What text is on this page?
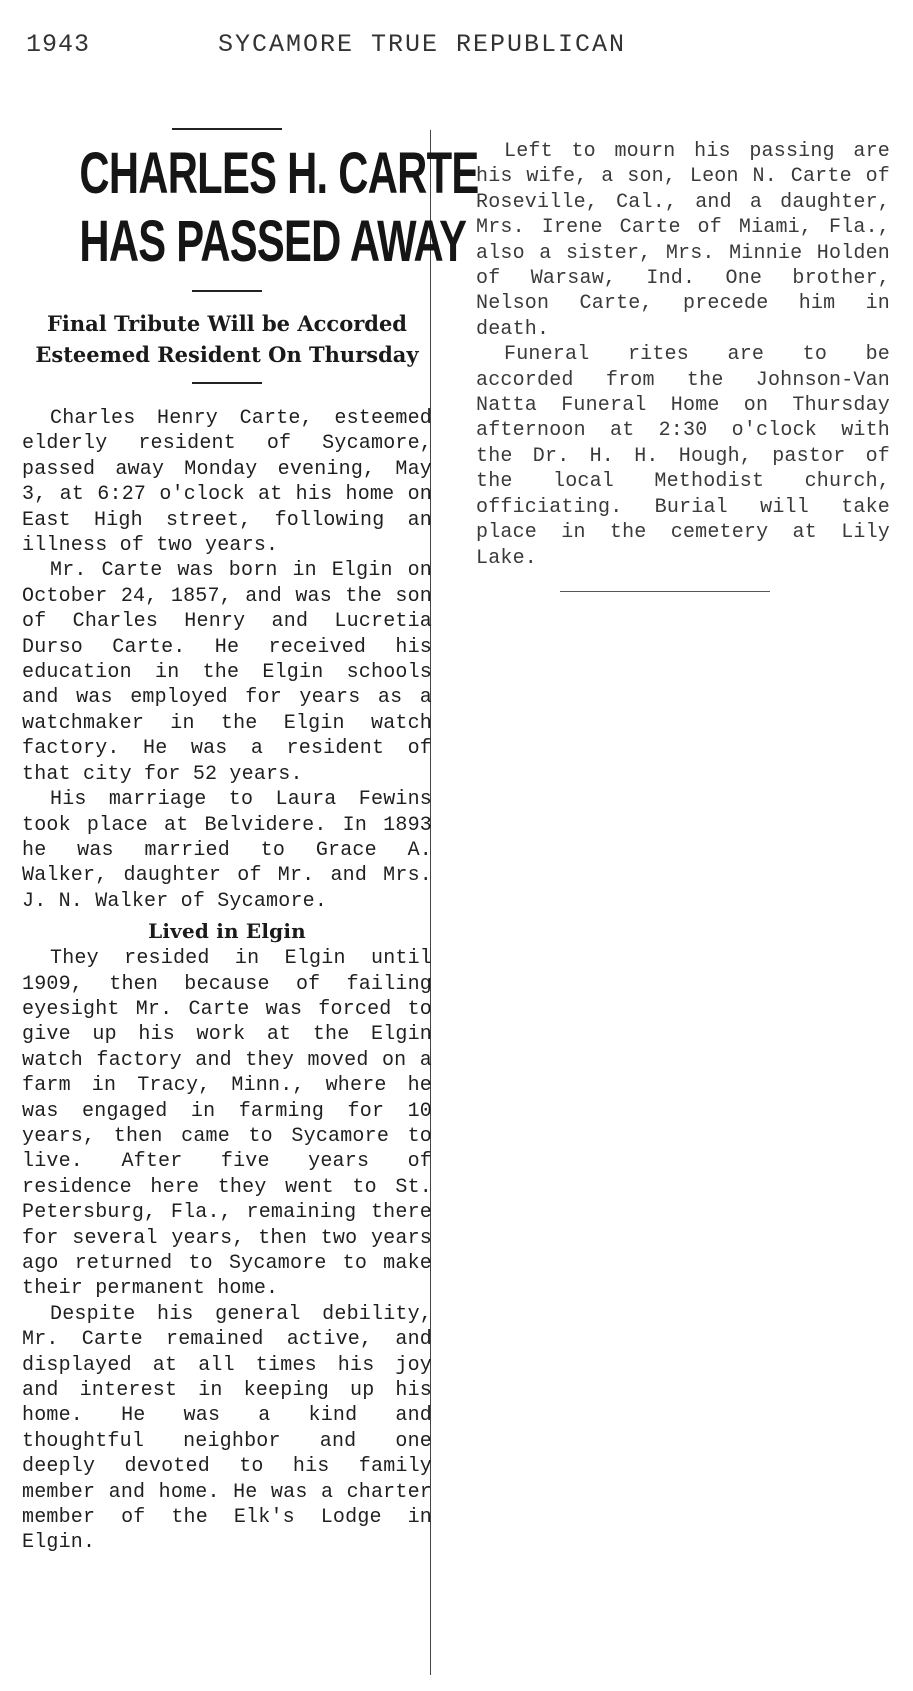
1943	SYCAMORE TRUE REPUBLICAN
CHARLES H. CARTE
HAS PASSED AWAY
Final Tribute Will be Accorded Esteemed Resident On Thursday

Charles Henry Carte, esteemed elderly resident of Sycamore, passed away Monday evening, May 3, at 6:27 o'clock at his home on East High street, following an illness of two years.

Mr. Carte was born in Elgin on October 24, 1857, and was the son of Charles Henry and Lucretia Durso Carte. He received his education in the Elgin schools and was employed for years as a watchmaker in the Elgin watch factory. He was a resident of that city for 52 years.

His marriage to Laura Fewins took place at Belvidere. In 1893 he was married to Grace A. Walker, daughter of Mr. and Mrs. J. N. Walker of Sycamore.

Lived in Elgin

They resided in Elgin until 1909, then because of failing eyesight Mr. Carte was forced to give up his work at the Elgin watch factory and they moved on a farm in Tracy, Minn., where he was engaged in farming for 10 years, then came to Sycamore to live. After five years of residence here they went to St. Petersburg, Fla., remaining there for several years, then two years ago returned to Sycamore to make their permanent home.

Despite his general debility, Mr. Carte remained active, and displayed at all times his joy and interest in keeping up his home. He was a kind and thoughtful neighbor and one deeply devoted to his family member and home. He was a charter member of the Elk's Lodge in Elgin.

Left to mourn his passing are his wife, a son, Leon N. Carte of Roseville, Cal., and a daughter, Mrs. Irene Carte of Miami, Fla., also a sister, Mrs. Minnie Holden of Warsaw, Ind. One brother, Nelson Carte, precede him in death.

Funeral rites are to be accorded from the Johnson-Van Natta Funeral Home on Thursday afternoon at 2:30 o'clock with the Dr. H. H. Hough, pastor of the local Methodist church, officiating. Burial will take place in the cemetery at Lily Lake.
